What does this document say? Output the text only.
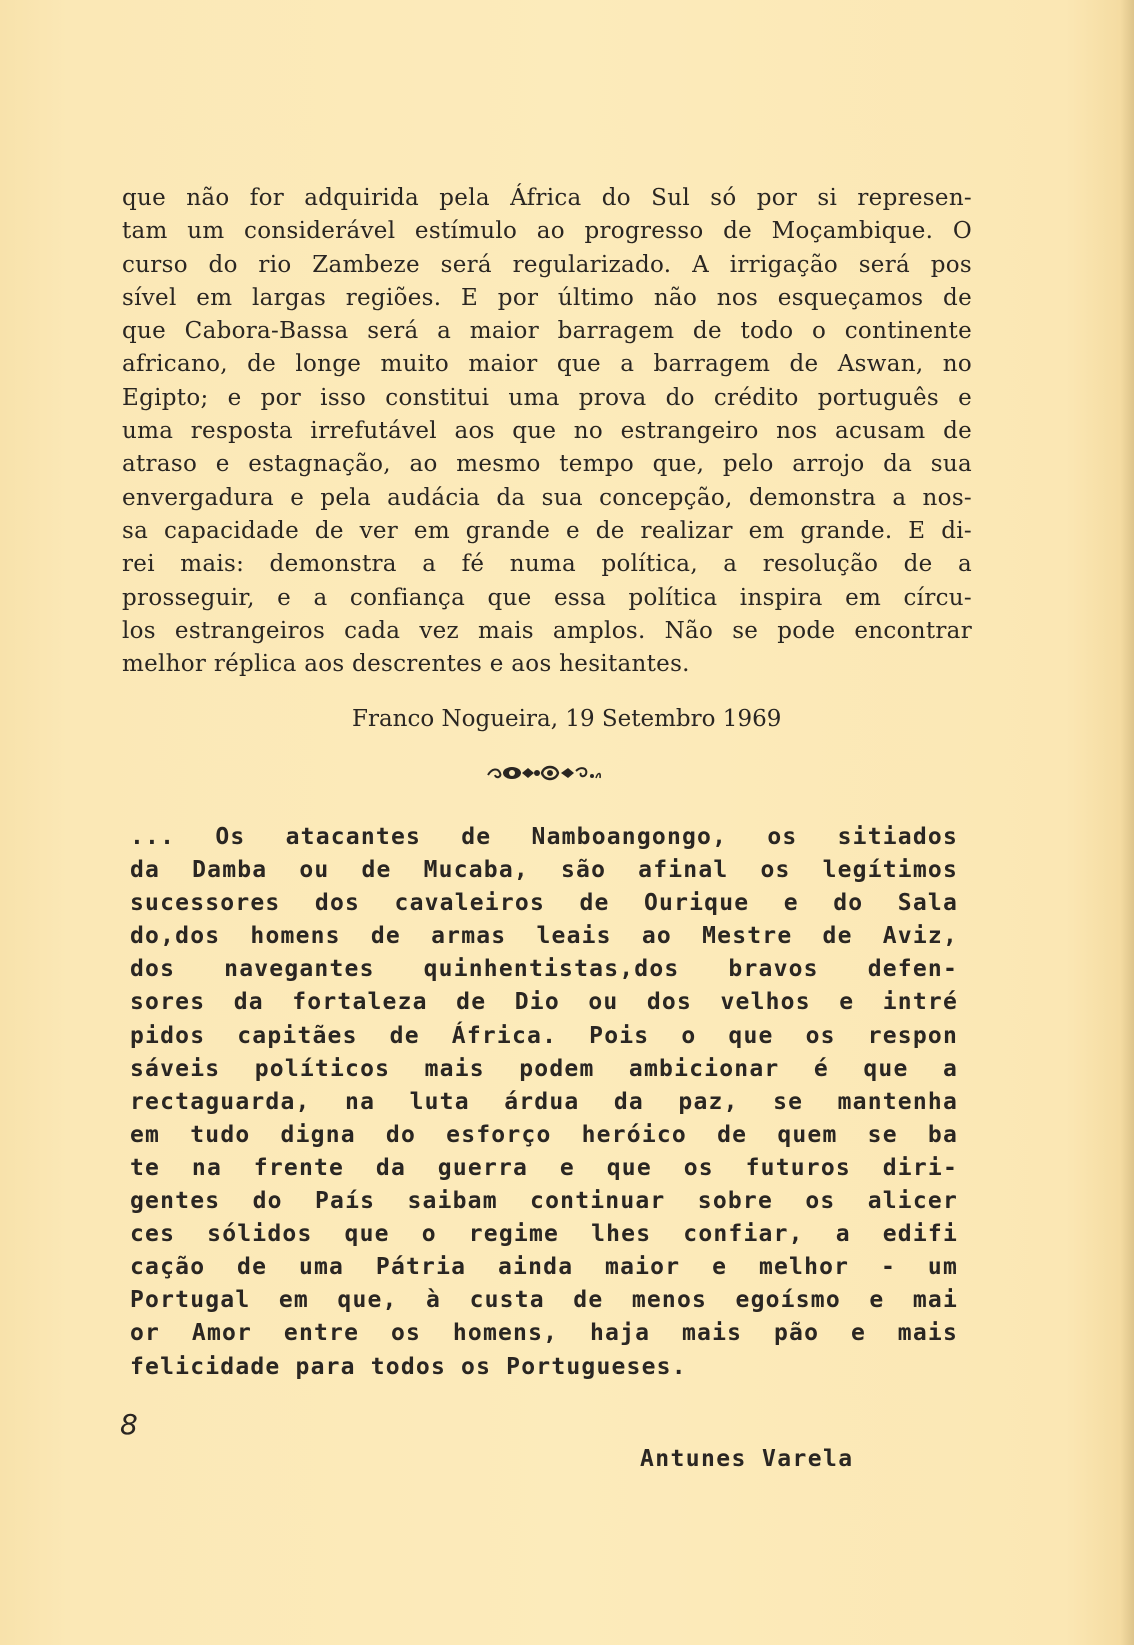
que não for adquirida pela África do Sul só por si represen-
tam um considerável estímulo ao progresso de Moçambique. O
curso do rio Zambeze será regularizado. A irrigação será pos
sível em largas regiões. E por último não nos esqueçamos de
que Cabora-Bassa será a maior barragem de todo o continente
africano, de longe muito maior que a barragem de Aswan, no
Egipto; e por isso constitui uma prova do crédito português e
uma resposta irrefutável aos que no estrangeiro nos acusam de
atraso e estagnação, ao mesmo tempo que, pelo arrojo da sua
envergadura e pela audácia da sua concepção, demonstra a nos-
sa capacidade de ver em grande e de realizar em grande. E di-
rei mais: demonstra a fé numa política, a resolução de a
prosseguir, e a confiança que essa política inspira em círcu-
los estrangeiros cada vez mais amplos. Não se pode encontrar
melhor réplica aos descrentes e aos hesitantes.
Franco Nogueira, 19 Setembro 1969
... Os atacantes de Namboangongo, os sitiados
da Damba ou de Mucaba, são afinal os legítimos
sucessores dos cavaleiros de Ourique e do Sala
do,dos homens de armas leais ao Mestre de Aviz,
dos navegantes quinhentistas,dos bravos defen-
sores da fortaleza de Dio ou dos velhos e intré
pidos capitães de África. Pois o que os respon
sáveis políticos mais podem ambicionar é que a
rectaguarda, na luta árdua da paz, se mantenha
em tudo digna do esforço heróico de quem se ba
te na frente da guerra e que os futuros diri-
gentes do País saibam continuar sobre os alicer
ces sólidos que o regime lhes confiar, a edifi
cação de uma Pátria ainda maior e melhor - um
Portugal em que, à custa de menos egoísmo e mai
or Amor entre os homens, haja mais pão e mais
felicidade para todos os Portugueses.
8
Antunes Varela
